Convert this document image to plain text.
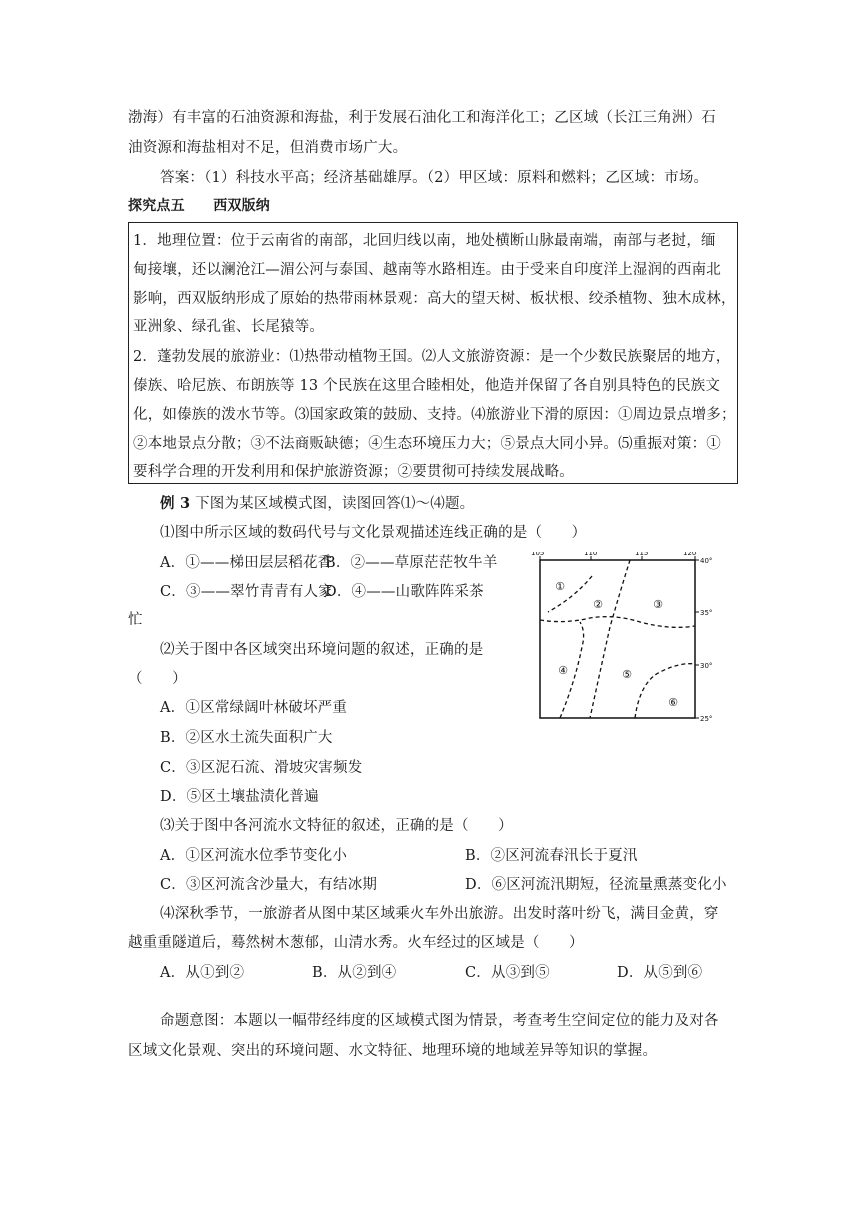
渤海）有丰富的石油资源和海盐，利于发展石油化工和海洋化工；乙区域（长江三角洲）石
油资源和海盐相对不足，但消费市场广大。
答案：（1）科技水平高；经济基础雄厚。（2）甲区域：原料和燃料；乙区域：市场。
探究点五　　西双版纳
1．地理位置：位于云南省的南部，北回归线以南，地处横断山脉最南端，南部与老挝，缅
甸接壤，还以澜沧江—湄公河与泰国、越南等水路相连。由于受来自印度洋上湿润的西南北
影响，西双版纳形成了原始的热带雨林景观：高大的望天树、板状根、绞杀植物、独木成林，
亚洲象、绿孔雀、长尾猿等。
2．蓬勃发展的旅游业：⑴热带动植物王国。⑵人文旅游资源：是一个少数民族聚居的地方，
傣族、哈尼族、布朗族等 13 个民族在这里合睦相处，他造并保留了各自别具特色的民族文
化，如傣族的泼水节等。⑶国家政策的鼓励、支持。⑷旅游业下滑的原因：①周边景点增多；
②本地景点分散；③不法商贩缺德；④生态环境压力大；⑤景点大同小异。⑸重振对策：①
要科学合理的开发利用和保护旅游资源；②要贯彻可持续发展战略。
例 3 下图为某区域模式图，读图回答⑴～⑷题。
⑴图中所示区域的数码代号与文化景观描述连线正确的是（　　）
A．①——梯田层层稻花香
B．②——草原茫茫牧牛羊
C．③——翠竹青青有人家
D．④——山歌阵阵采茶
忙
⑵关于图中各区域突出环境问题的叙述，正确的是
（　　）
A．①区常绿阔叶林破坏严重
B．②区水土流失面积广大
C．③区泥石流、滑坡灾害频发
D．⑤区土壤盐渍化普遍
⑶关于图中各河流水文特征的叙述，正确的是（　　）
A．①区河流水位季节变化小	B．②区河流春汛长于夏汛
C．③区河流含沙量大，有结冰期	D．⑥区河流汛期短，径流量熏蒸变化小
⑷深秋季节，一旅游者从图中某区域乘火车外出旅游。出发时落叶纷飞，满目金黄，穿
越重重隧道后，蓦然树木葱郁，山清水秀。火车经过的区域是（　　）
A．从①到②	B．从②到④	C．从③到⑤	D．从⑤到⑥
命题意图：本题以一幅带经纬度的区域模式图为情景，考查考生空间定位的能力及对各
区域文化景观、突出的环境问题、水文特征、地理环境的地域差异等知识的掌握。
105°	110°	115°	120°
40°
35°
30°
25°
①
②	③
④	⑤
⑥
